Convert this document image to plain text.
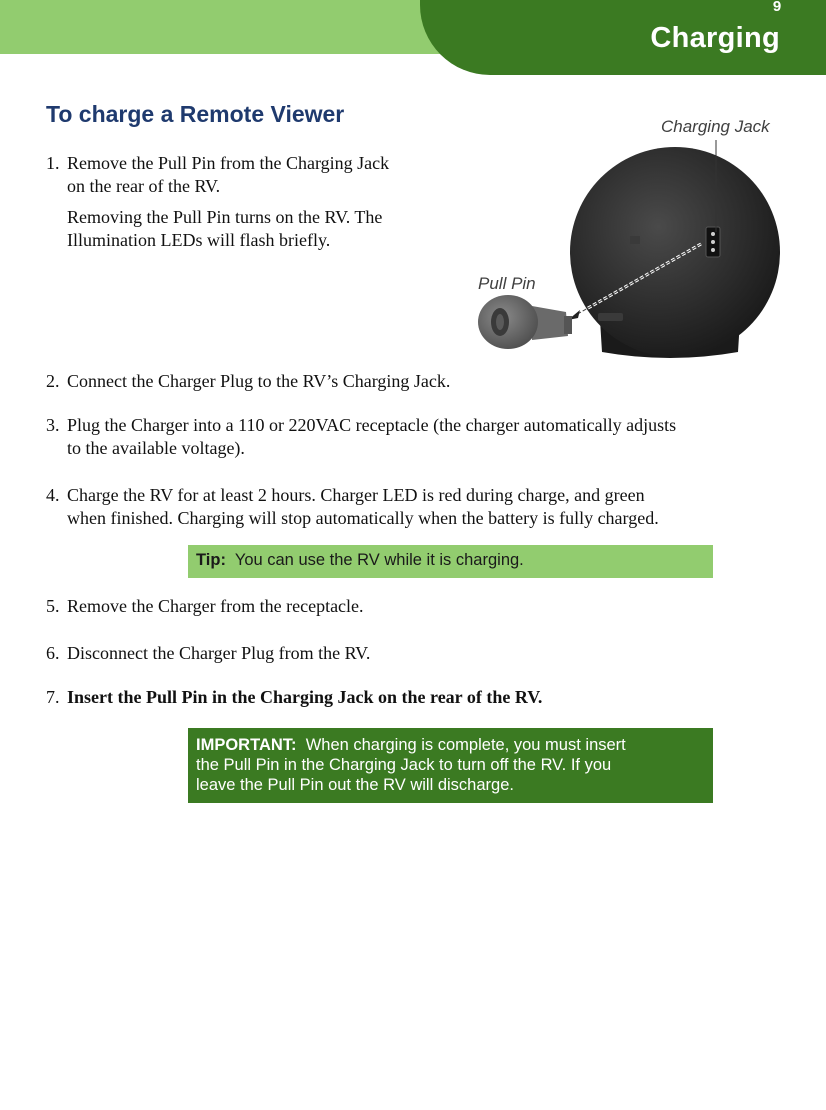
9
Charging
To charge a Remote Viewer	Charging Jack
Pull Pin
1. Remove the Pull Pin from the Charging Jack
on the rear of the RV.
Removing the Pull Pin turns on the RV. The
Illumination LEDs will flash briefly.
2. Connect the Charger Plug to the RV’s Charging Jack.
3. Plug the Charger into a 110 or 220VAC receptacle (the charger automatically adjusts
to the available voltage).
4. Charge the RV for at least 2 hours. Charger LED is red during charge, and green
when finished. Charging will stop automatically when the battery is fully charged.
Tip: You can use the RV while it is charging.
5. Remove the Charger from the receptacle.
6. Disconnect the Charger Plug from the RV.
7. Insert the Pull Pin in the Charging Jack on the rear of the RV.
IMPORTANT: When charging is complete, you must insert
the Pull Pin in the Charging Jack to turn off the RV. If you
leave the Pull Pin out the RV will discharge.
